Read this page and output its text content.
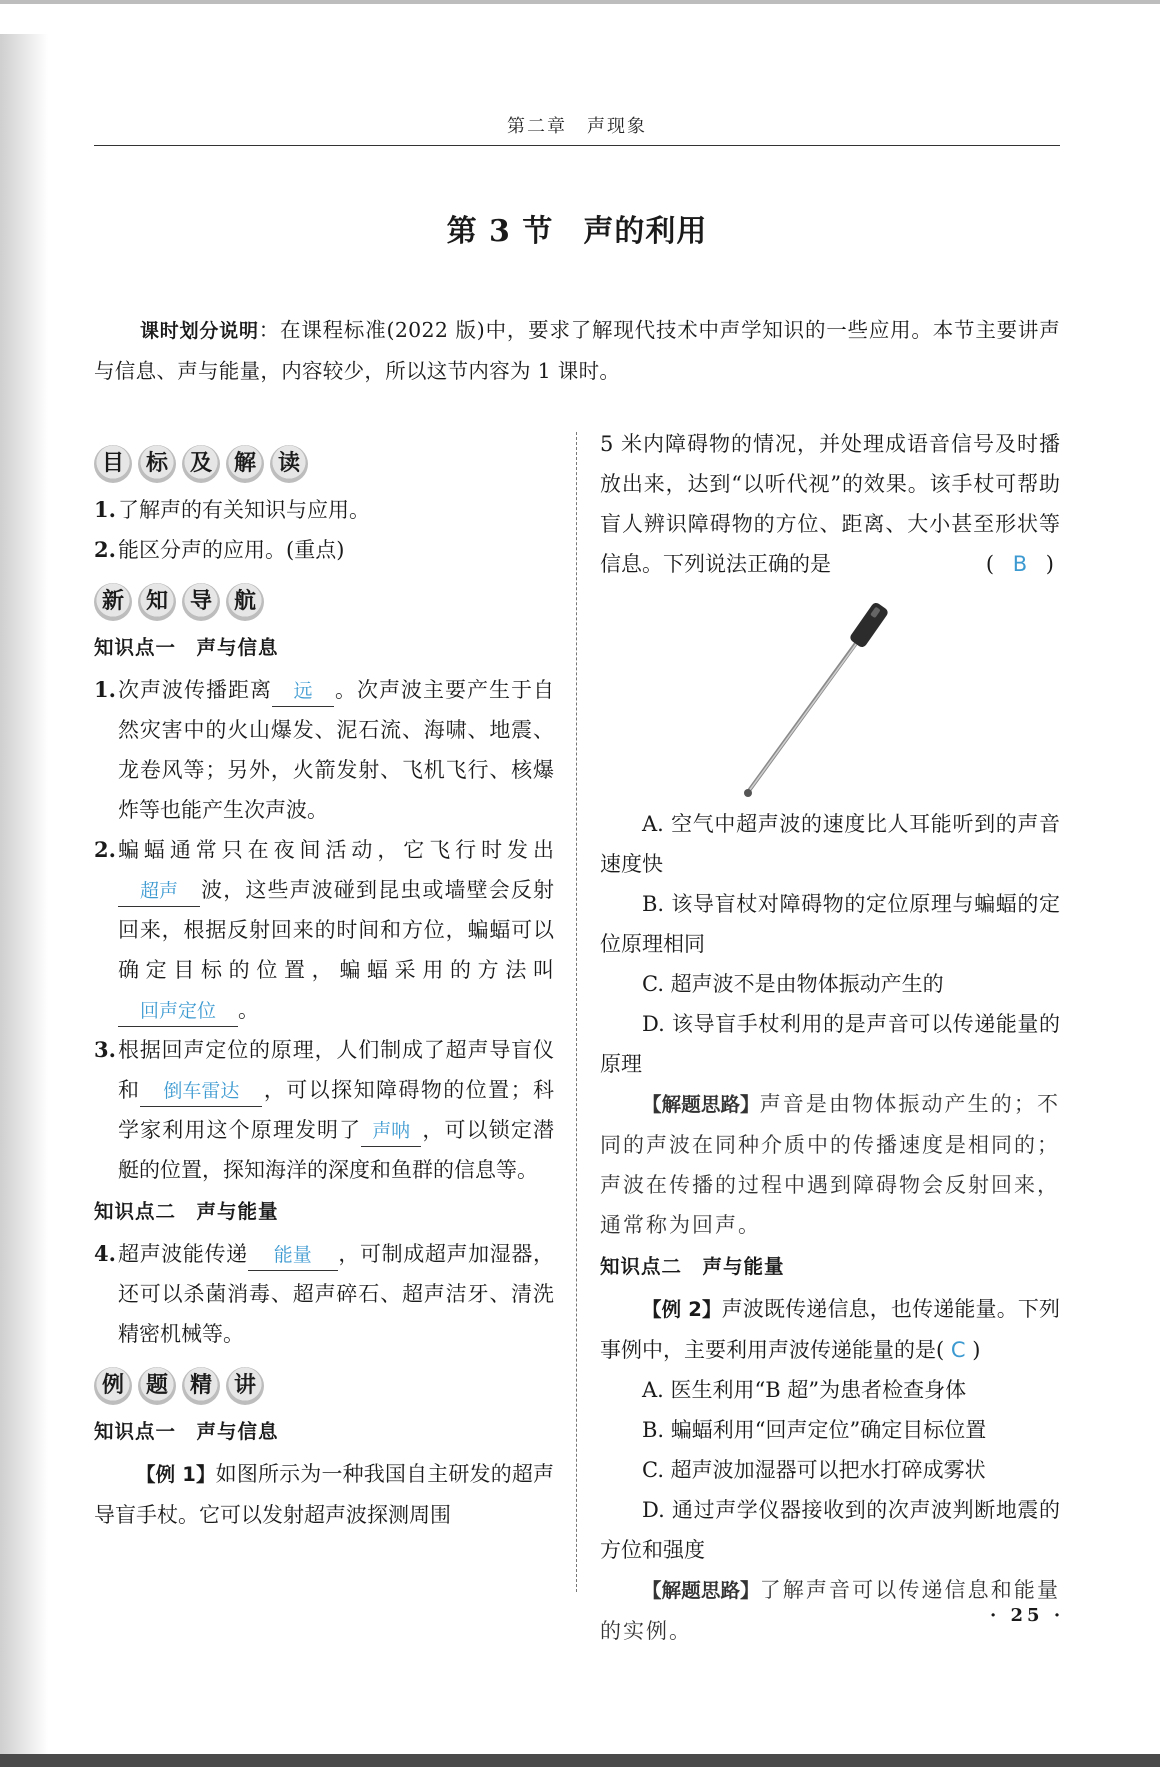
第二章　声现象
第 3 节 声的利用
课时划分说明：在课程标准(2022 版)中，要求了解现代技术中声学知识的一些应用。本节主要讲声与信息、声与能量，内容较少，所以这节内容为 1 课时。
目 标 及 解 读
1. 了解声的有关知识与应用。
2. 能区分声的应用。(重点)
新 知 导 航
知识点一　声与信息
1. 次声波传播距离 远 。次声波主要产生于自然灾害中的火山爆发、泥石流、海啸、地震、龙卷风等；另外，火箭发射、飞机飞行、核爆炸等也能产生次声波。
2. 蝙蝠通常只在夜间活动，它飞行时发出超声 波，这些声波碰到昆虫或墙壁会反射回来，根据反射回来的时间和方位，蝙蝠可以确定目标的位置，蝙蝠采用的方法叫回声定位 。
3. 根据回声定位的原理，人们制成了超声导盲仪和 倒车雷达 ，可以探知障碍物的位置；科学家利用这个原理发明了 声呐 ，可以锁定潜艇的位置，探知海洋的深度和鱼群的信息等。
知识点二　声与能量
4. 超声波能传递 能量 ，可制成超声加湿器，还可以杀菌消毒、超声碎石、超声洁牙、清洗精密机械等。
例 题 精 讲
知识点一　声与信息
【例 1】如图所示为一种我国自主研发的超声导盲手杖。它可以发射超声波探测周围
5 米内障碍物的情况，并处理成语音信号及时播放出来，达到“以听代视”的效果。该手杖可帮助盲人辨识障碍物的方位、距离、大小甚至形状等信息。下列说法正确的是	( B )
A. 空气中超声波的速度比人耳能听到的声音速度快
B. 该导盲杖对障碍物的定位原理与蝙蝠的定位原理相同
C. 超声波不是由物体振动产生的
D. 该导盲手杖利用的是声音可以传递能量的原理
【解题思路】声音是由物体振动产生的；不同的声波在同种介质中的传播速度是相同的；声波在传播的过程中遇到障碍物会反射回来，通常称为回声。
知识点二　声与能量
【例 2】声波既传递信息，也传递能量。下列事例中，主要利用声波传递能量的是( C )
A. 医生利用“B 超”为患者检查身体
B. 蝙蝠利用“回声定位”确定目标位置
C. 超声波加湿器可以把水打碎成雾状
D. 通过声学仪器接收到的次声波判断地震的方位和强度
【解题思路】了解声音可以传递信息和能量的实例。
· 25 ·
